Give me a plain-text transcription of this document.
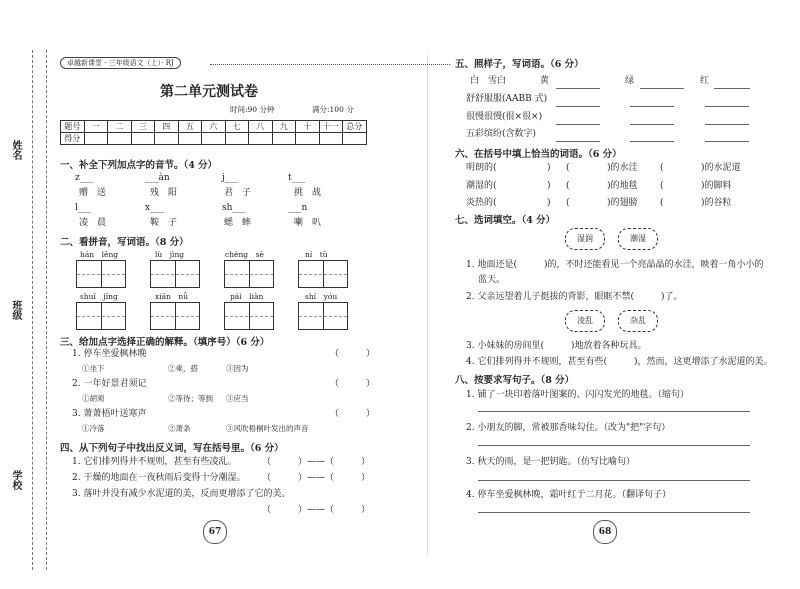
姓名
班级
学校
卓越新课堂 · 三年级语文（上）· RJ
第二单元测试卷
时间:90 分钟	满分:100 分
题号	一	二	三	四	五	六	七	八	九	十	十一	总分
得分												
一、补全下列加点字的音节。（4 分）
z___	___àn	j___	t___
赠　送	残　阳	君　子	挑　战
l___	x___	sh___	___n
凌　晨	鞍　子	蟋　蟀	喇　叭
二、看拼音，写词语。（8 分）
hán　lěng	lù　jìng	chéng　sè	ní　tǔ
shuǐ　jīng	xiān　nǚ	pái　liàn	shí　yóu
三、给加点字选择正确的解释。（填序号）（6 分）
1. 停车坐爱枫林晚	（　　　）
①坐下	②乘，搭	③因为
2. 一年好景君须记	（　　　）
①胡须	②等待；等到 ③应当
3. 萧萧梧叶送寒声	（　　　）
①冷落	②萧条	③风吹梧桐叶发出的声音
四、从下列句子中找出反义词，写在括号里。（6 分）
1. 它们排列得并不规则，甚至有些凌乱。	（　　　）——（　　　）
2. 干燥的地面在一夜秋雨后变得十分潮湿。 （　　　）——（　　　）
3. 落叶并没有减少水泥道的美，反而更增添了它的美。
（　　　）——（　　　）
67
五、照样子，写词语。（6 分）
白　雪白	黄	绿	红
舒舒服服(AABB 式)
很慢很慢(很×很×)
五彩缤纷(含数字)
六、在括号中填上恰当的词语。（6 分）
明朗的(	　　　) ( 　　　)的水洼 ( 　　　)的水泥道
潮湿的(	　　　) ( 　　　)的地毯 ( 　　　)的脚料
炎热的(	　　　) ( 　　　)的翅膀 ( 　　　)的谷粒
七、选词填空。（4 分）
湿润	潮湿
1. 地面还是(　　　)的，不时还能看见一个亮晶晶的水洼，映着一角小小的
蓝天。
2. 父亲远望着儿子挺拔的背影，眼眶不禁(　　　)了。
凌乱	杂乱
3. 小妹妹的房间里(　　　)地放着各种玩具。
4. 它们排列得并不规则，甚至有些(　　　)，然而，这更增添了水泥道的美。
八、按要求写句子。（8 分）
1. 铺了一块印着落叶图案的、闪闪发光的地毯。（缩句）
2. 小朋友的脚，常被那香味勾住。（改为"把"字句）
3. 秋天的雨，是一把钥匙。（仿写比喻句）
4. 停车坐爱枫林晚，霜叶红于二月花。（翻译句子）
68
